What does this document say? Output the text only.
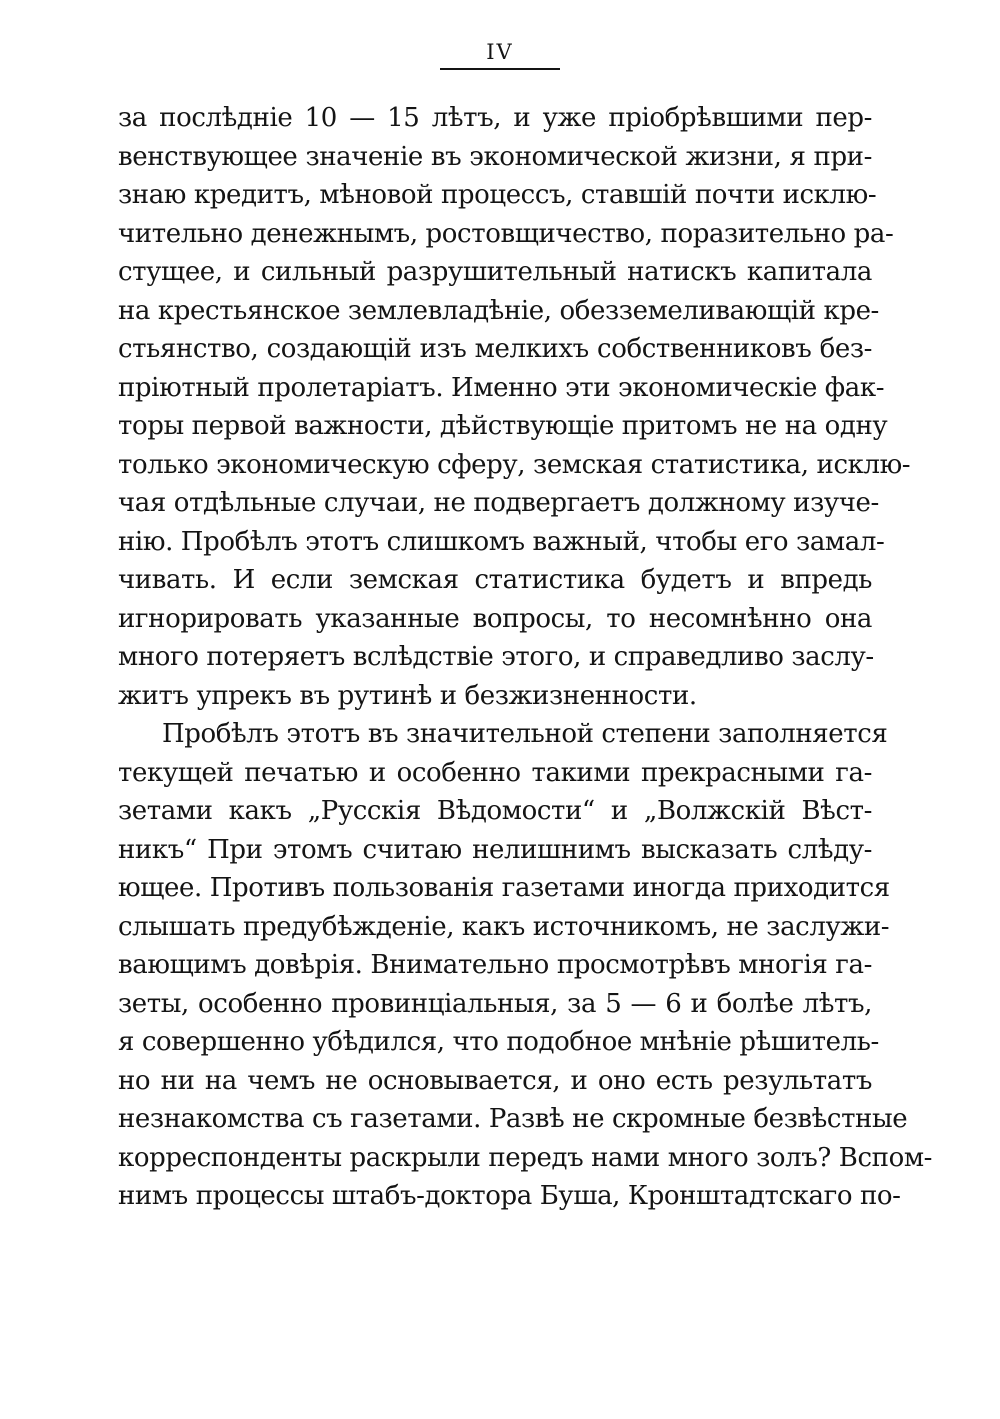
IV
за послѣдніе 10 — 15 лѣтъ, и уже пріобрѣвшими пер-
венствующее значеніе въ экономической жизни, я при-
знаю кредитъ, мѣновой процессъ, ставшій почти исклю-
чительно денежнымъ, ростовщичество, поразительно ра-
стущее, и сильный разрушительный натискъ капитала
на крестьянское землевладѣніе, обезземеливающій кре-
стьянство, создающій изъ мелкихъ собственниковъ без-
пріютный пролетаріатъ. Именно эти экономическіе фак-
торы первой важности, дѣйствующіе притомъ не на одну
только экономическую сферу, земская статистика, исклю-
чая отдѣльные случаи, не подвергаетъ должному изуче-
нію. Пробѣлъ этотъ слишкомъ важный, чтобы его замал-
чивать. И если земская статистика будетъ и впредь
игнорировать указанные вопросы, то несомнѣнно она
много потеряетъ вслѣдствіе этого, и справедливо заслу-
житъ упрекъ въ рутинѣ и безжизненности.
Пробѣлъ этотъ въ значительной степени заполняется
текущей печатью и особенно такими прекрасными га-
зетами какъ „Русскія Вѣдомости“ и „Волжскій Вѣст-
никъ“ При этомъ считаю нелишнимъ высказать слѣду-
ющее. Противъ пользованія газетами иногда приходится
слышать предубѣжденіе, какъ источникомъ, не заслужи-
вающимъ довѣрія. Внимательно просмотрѣвъ многія га-
зеты, особенно провинціальныя, за 5 — 6 и болѣе лѣтъ,
я совершенно убѣдился, что подобное мнѣніе рѣшитель-
но ни на чемъ не основывается, и оно есть результатъ
незнакомства съ газетами. Развѣ не скромные безвѣстные
корреспонденты раскрыли передъ нами много золъ? Вспом-
нимъ процессы штабъ-доктора Буша, Кронштадтскаго по-
